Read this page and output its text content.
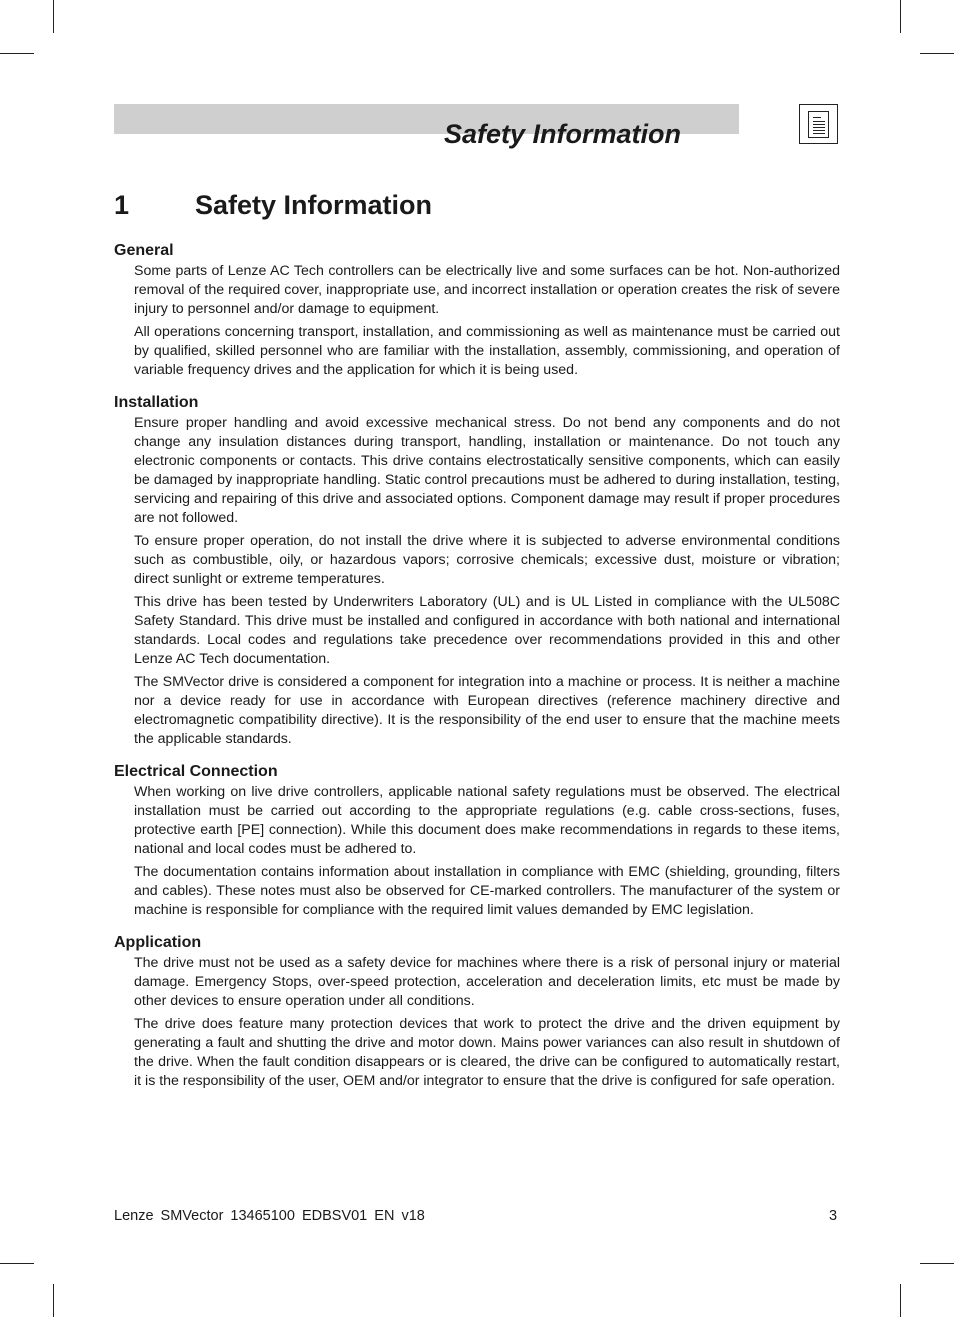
Safety Information
1 Safety Information
General

Some parts of Lenze AC Tech controllers can be electrically live and some surfaces can be hot. Non-authorized removal of the required cover, inappropriate use, and incorrect installation or operation creates the risk of severe injury to personnel and/or damage to equipment.

All operations concerning transport, installation, and commissioning as well as maintenance must be carried out by qualified, skilled personnel who are familiar with the installation, assembly, commissioning, and operation of variable frequency drives and the application for which it is being used.

Installation

Ensure proper handling and avoid excessive mechanical stress. Do not bend any components and do not change any insulation distances during transport, handling, installation or maintenance. Do not touch any electronic components or contacts. This drive contains electrostatically sensitive components, which can easily be damaged by inappropriate handling. Static control precautions must be adhered to during installation, testing, servicing and repairing of this drive and associated options. Component damage may result if proper procedures are not followed.

To ensure proper operation, do not install the drive where it is subjected to adverse environmental conditions such as combustible, oily, or hazardous vapors; corrosive chemicals; excessive dust, moisture or vibration; direct sunlight or extreme temperatures.

This drive has been tested by Underwriters Laboratory (UL) and is UL Listed in compliance with the UL508C Safety Standard. This drive must be installed and configured in accordance with both national and international standards. Local codes and regulations take precedence over recommendations provided in this and other Lenze AC Tech documentation.

The SMVector drive is considered a component for integration into a machine or process. It is neither a machine nor a device ready for use in accordance with European directives (reference machinery directive and electromagnetic compatibility directive). It is the responsibility of the end user to ensure that the machine meets the applicable standards.

Electrical Connection

When working on live drive controllers, applicable national safety regulations must be observed. The electrical installation must be carried out according to the appropriate regulations (e.g. cable cross-sections, fuses, protective earth [PE] connection). While this document does make recommendations in regards to these items, national and local codes must be adhered to.

The documentation contains information about installation in compliance with EMC (shielding, grounding, filters and cables). These notes must also be observed for CE-marked controllers. The manufacturer of the system or machine is responsible for compliance with the required limit values demanded by EMC legislation.

Application

The drive must not be used as a safety device for machines where there is a risk of personal injury or material damage. Emergency Stops, over-speed protection, acceleration and deceleration limits, etc must be made by other devices to ensure operation under all conditions.

The drive does feature many protection devices that work to protect the drive and the driven equipment by generating a fault and shutting the drive and motor down. Mains power variances can also result in shutdown of the drive. When the fault condition disappears or is cleared, the drive can be configured to automatically restart, it is the responsibility of the user, OEM and/or integrator to ensure that the drive is configured for safe operation.

Lenze SMVector 13465100 EDBSV01 EN v18	3
